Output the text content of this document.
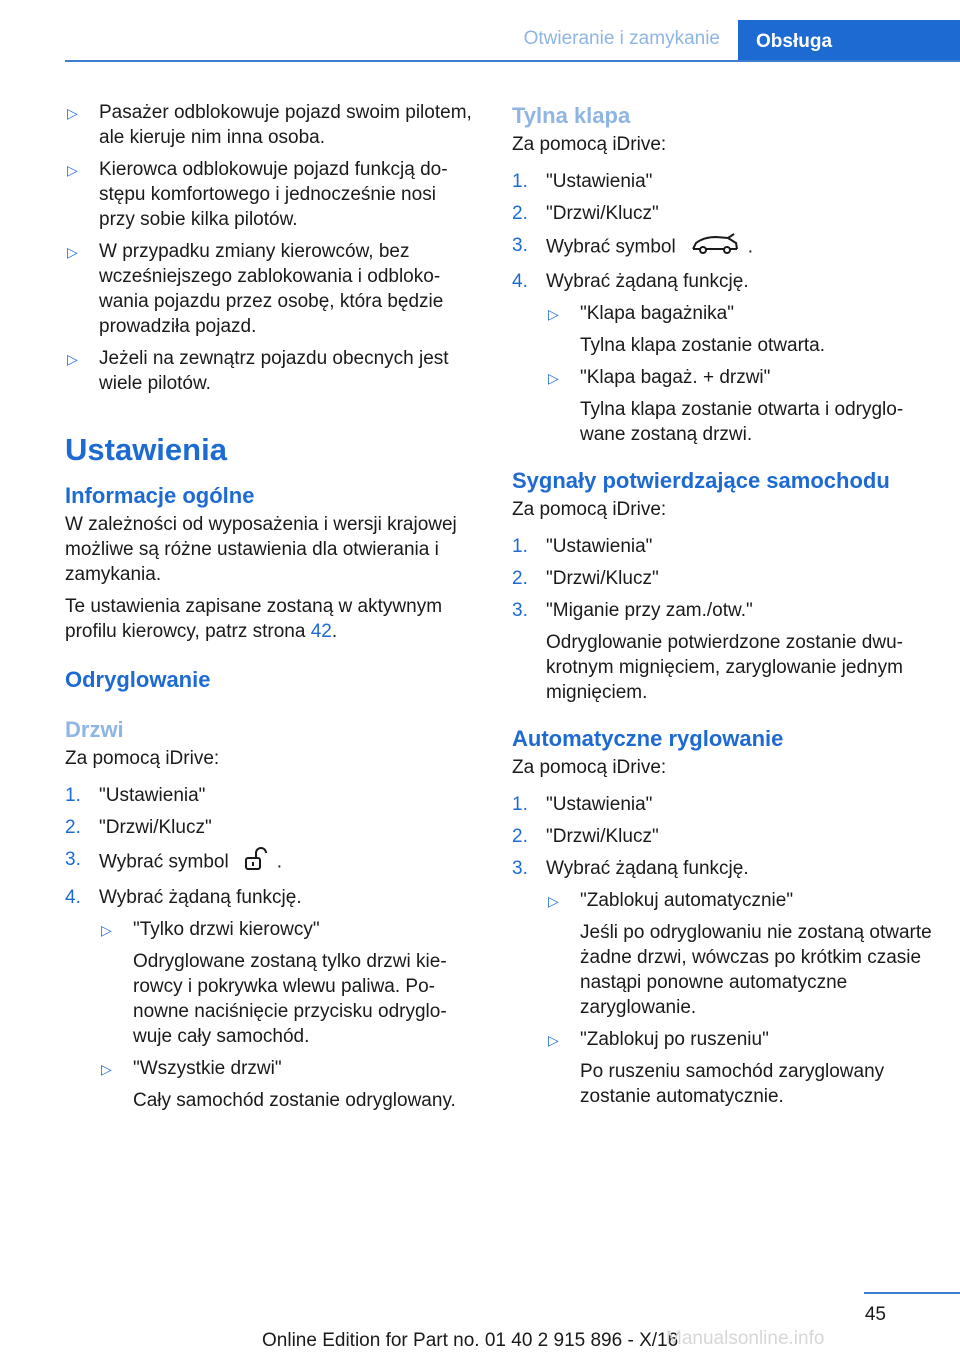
Otwieranie i zamykanie	Obsługa
▷ Pasażer odblokowuje pojazd swoim pilotem, ale kieruje nim inna osoba.
▷ Kierowca odblokowuje pojazd funkcją dostępu komfortowego i jednocześnie nosi przy sobie kilka pilotów.
▷ W przypadku zmiany kierowców, bez wcześniejszego zablokowania i odblokowania pojazdu przez osobę, która będzie prowadziła pojazd.
▷ Jeżeli na zewnątrz pojazdu obecnych jest wiele pilotów.
Ustawienia
Informacje ogólne

W zależności od wyposażenia i wersji krajowej możliwe są różne ustawienia dla otwierania i zamykania.

Te ustawienia zapisane zostaną w aktywnym profilu kierowcy, patrz strona 42.

Odryglowanie
Drzwi

Za pomocą iDrive:

1. "Ustawienia"
2. "Drzwi/Klucz"
3. Wybrać symbol	.
4. Wybrać żądaną funkcję.
▷ "Tylko drzwi kierowcy"
Odryglowane zostaną tylko drzwi kierowcy i pokrywka wlewu paliwa. Ponowne naciśnięcie przycisku odryglowuje cały samochód.
▷ "Wszystkie drzwi"
Cały samochód zostanie odryglowany.
Tylna klapa

Za pomocą iDrive:

1. "Ustawienia"
2. "Drzwi/Klucz"
3. Wybrać symbol	.
4. Wybrać żądaną funkcję.
▷ "Klapa bagażnika"
Tylna klapa zostanie otwarta.
▷ "Klapa bagaż. + drzwi"
Tylna klapa zostanie otwarta i odryglowane zostaną drzwi.
Sygnały potwierdzające samochodu

Za pomocą iDrive:

1. "Ustawienia"
2. "Drzwi/Klucz"
3. "Miganie przy zam./otw."
Odryglowanie potwierdzone zostanie dwukrotnym mignięciem, zaryglowanie jednym mignięciem.
Automatyczne ryglowanie

Za pomocą iDrive:

1. "Ustawienia"
2. "Drzwi/Klucz"
3. Wybrać żądaną funkcję.
▷ "Zablokuj automatycznie"
Jeśli po odryglowaniu nie zostaną otwarte żadne drzwi, wówczas po krótkim czasie nastąpi ponowne automatyczne zaryglowanie.
▷ "Zablokuj po ruszeniu"
Po ruszeniu samochód zaryglowany zostanie automatycznie.
45
Online Edition for Part no. 01 40 2 915 896 - X/16
Manualsonline.info
